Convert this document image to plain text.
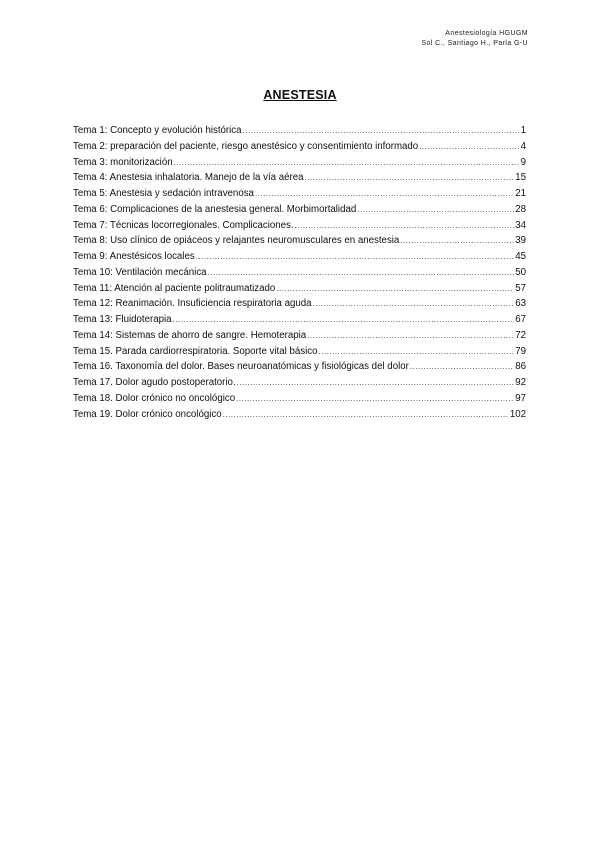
Anestesiología HGUGM
Sol C., Santiago H., Parla G-U
ANESTESIA
Tema 1: Concepto y evolución histórica .....	1
Tema 2: preparación del paciente, riesgo anestésico y consentimiento informado .....	4
Tema 3: monitorización .....	9
Tema 4: Anestesia inhalatoria. Manejo de la vía aérea .....	15
Tema 5: Anestesia y sedación intravenosa .....	21
Tema 6: Complicaciones de la anestesia general. Morbimortalidad .....	28
Tema 7: Técnicas locorregionales. Complicaciones. .....	34
Tema 8: Uso clínico de opiáceos y relajantes neuromusculares en anestesia .....	39
Tema 9: Anestésicos locales .....	45
Tema 10: Ventilación mecánica .....	50
Tema 11: Atención al paciente politraumatizado .....	57
Tema 12: Reanimación. Insuficiencia respiratoria aguda .....	63
Tema 13: Fluidoterapia .....	67
Tema 14: Sistemas de ahorro de sangre. Hemoterapia .....	72
Tema 15. Parada cardiorrespiratoria. Soporte vital básico .....	79
Tema 16. Taxonomía del dolor. Bases neuroanatómicas y fisiológicas del dolor .....	86
Tema 17. Dolor agudo postoperatorio. .....	92
Tema 18. Dolor crónico no oncológico .....	97
Tema 19. Dolor crónico oncológico .....	102
